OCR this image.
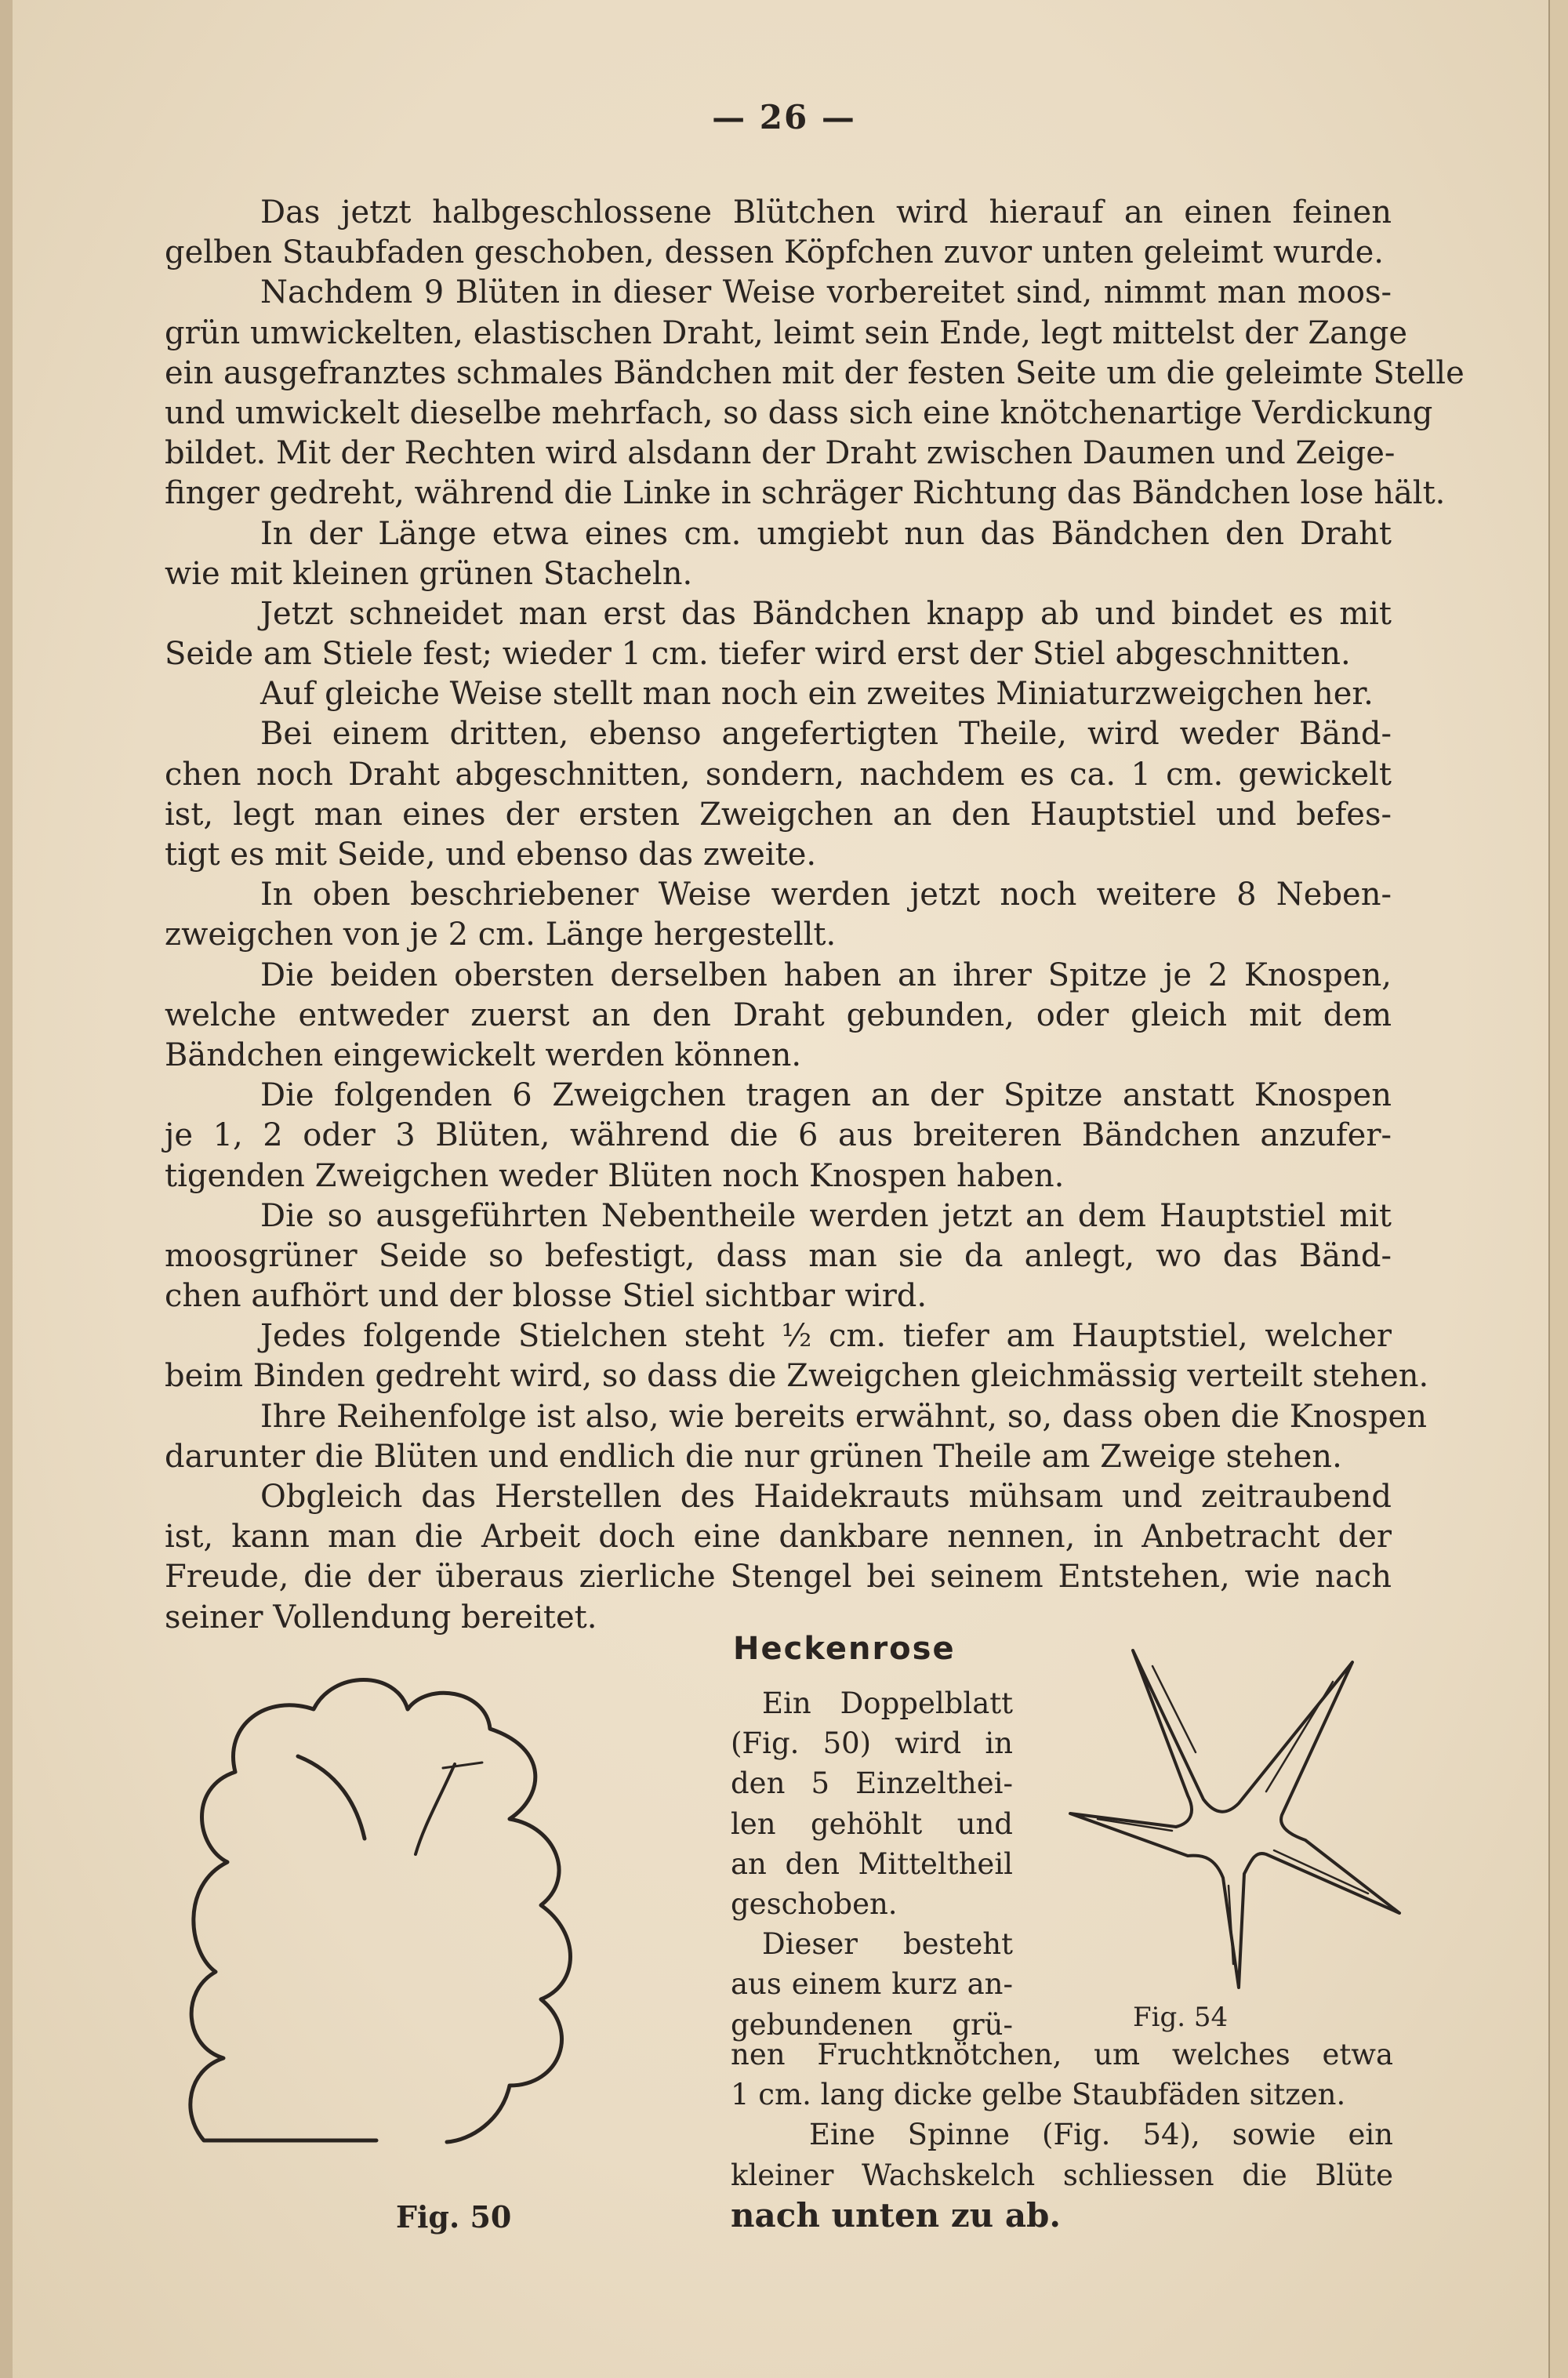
— 26 —
Das jetzt halbgeschlossene Blütchen wird hierauf an einen feinen
gelben Staubfaden geschoben, dessen Köpfchen zuvor unten geleimt wurde.
Nachdem 9 Blüten in dieser Weise vorbereitet sind, nimmt man moos-
grün umwickelten, elastischen Draht, leimt sein Ende, legt mittelst der Zange
ein ausgefranztes schmales Bändchen mit der festen Seite um die geleimte Stelle
und umwickelt dieselbe mehrfach, so dass sich eine knötchenartige Verdickung
bildet. Mit der Rechten wird alsdann der Draht zwischen Daumen und Zeige-
finger gedreht, während die Linke in schräger Richtung das Bändchen lose hält.
In der Länge etwa eines cm. umgiebt nun das Bändchen den Draht
wie mit kleinen grünen Stacheln.
Jetzt schneidet man erst das Bändchen knapp ab und bindet es mit
Seide am Stiele fest; wieder 1 cm. tiefer wird erst der Stiel abgeschnitten.
Auf gleiche Weise stellt man noch ein zweites Miniaturzweigchen her.
Bei einem dritten, ebenso angefertigten Theile, wird weder Bänd-
chen noch Draht abgeschnitten, sondern, nachdem es ca. 1 cm. gewickelt
ist, legt man eines der ersten Zweigchen an den Hauptstiel und befes-
tigt es mit Seide, und ebenso das zweite.
In oben beschriebener Weise werden jetzt noch weitere 8 Neben-
zweigchen von je 2 cm. Länge hergestellt.
Die beiden obersten derselben haben an ihrer Spitze je 2 Knospen,
welche entweder zuerst an den Draht gebunden, oder gleich mit dem
Bändchen eingewickelt werden können.
Die folgenden 6 Zweigchen tragen an der Spitze anstatt Knospen
je 1, 2 oder 3 Blüten, während die 6 aus breiteren Bändchen anzufer-
tigenden Zweigchen weder Blüten noch Knospen haben.
Die so ausgeführten Nebentheile werden jetzt an dem Hauptstiel mit
moosgrüner Seide so befestigt, dass man sie da anlegt, wo das Bänd-
chen aufhört und der blosse Stiel sichtbar wird.
Jedes folgende Stielchen steht ½ cm. tiefer am Hauptstiel, welcher
beim Binden gedreht wird, so dass die Zweigchen gleichmässig verteilt stehen.
Ihre Reihenfolge ist also, wie bereits erwähnt, so, dass oben die Knospen
darunter die Blüten und endlich die nur grünen Theile am Zweige stehen.
Obgleich das Herstellen des Haidekrauts mühsam und zeitraubend
ist, kann man die Arbeit doch eine dankbare nennen, in Anbetracht der
Freude, die der überaus zierliche Stengel bei seinem Entstehen, wie nach
seiner Vollendung bereitet.
Heckenrose
Ein Doppelblatt
(Fig. 50) wird in
den 5 Einzelthei-
len gehöhlt und
an den Mitteltheil
geschoben.
Dieser besteht
aus einem kurz an-
gebundenen grü-
nen Fruchtknötchen, um welches etwa
1 cm. lang dicke gelbe Staubfäden sitzen.
Eine Spinne (Fig. 54), sowie ein
kleiner Wachskelch schliessen die Blüte
nach unten zu ab.
Fig. 50
Fig. 54
